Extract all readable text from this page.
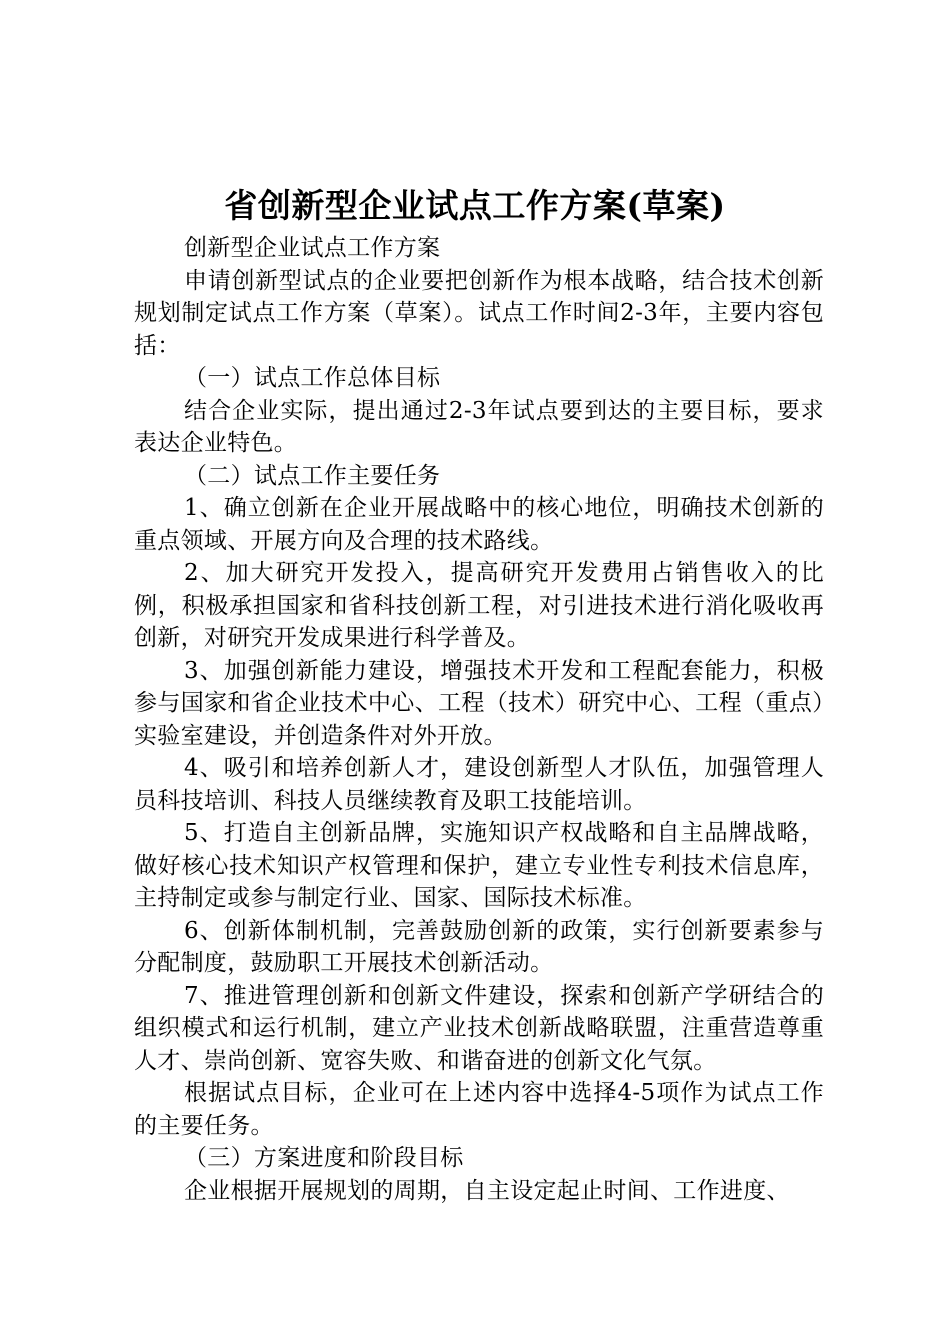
省创新型企业试点工作方案(草案)

创新型企业试点工作方案

申请创新型试点的企业要把创新作为根本战略，结合技术创新规划制定试点工作方案（草案）。试点工作时间2-3年，主要内容包括：

（一）试点工作总体目标

结合企业实际，提出通过2-3年试点要到达的主要目标，要求表达企业特色。

（二）试点工作主要任务

1、确立创新在企业开展战略中的核心地位，明确技术创新的重点领域、开展方向及合理的技术路线。

2、加大研究开发投入，提高研究开发费用占销售收入的比例，积极承担国家和省科技创新工程，对引进技术进行消化吸收再创新，对研究开发成果进行科学普及。

3、加强创新能力建设，增强技术开发和工程配套能力，积极参与国家和省企业技术中心、工程（技术）研究中心、工程（重点）实验室建设，并创造条件对外开放。

4、吸引和培养创新人才，建设创新型人才队伍，加强管理人员科技培训、科技人员继续教育及职工技能培训。

5、打造自主创新品牌，实施知识产权战略和自主品牌战略，做好核心技术知识产权管理和保护，建立专业性专利技术信息库，主持制定或参与制定行业、国家、国际技术标准。

6、创新体制机制，完善鼓励创新的政策，实行创新要素参与分配制度，鼓励职工开展技术创新活动。

7、推进管理创新和创新文件建设，探索和创新产学研结合的组织模式和运行机制，建立产业技术创新战略联盟，注重营造尊重人才、崇尚创新、宽容失败、和谐奋进的创新文化气氛。

根据试点目标，企业可在上述内容中选择4-5项作为试点工作的主要任务。

（三）方案进度和阶段目标

企业根据开展规划的周期，自主设定起止时间、工作进度、
